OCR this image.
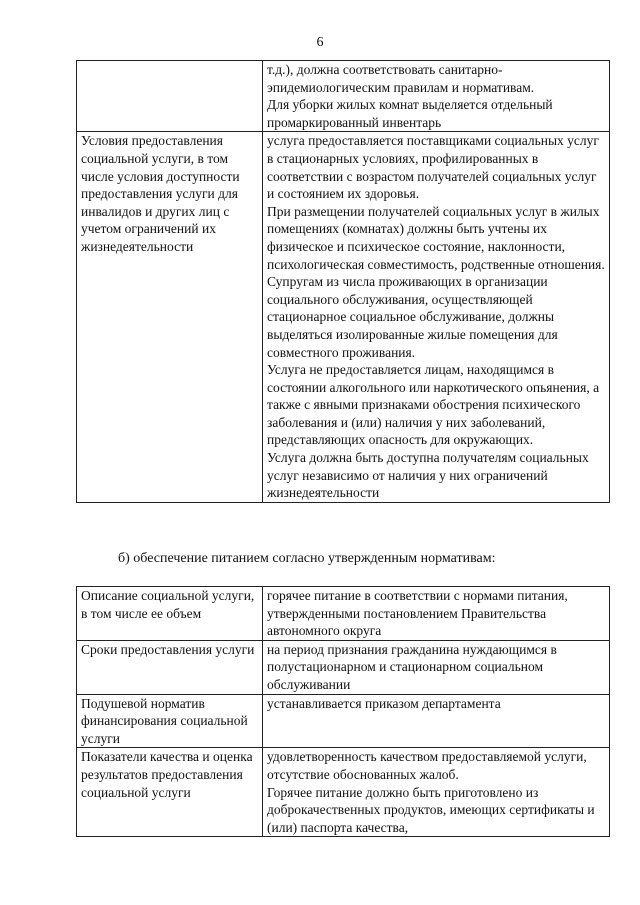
6

	т.д.), должна соответствовать санитарно-эпидемиологическим правилам и нормативам.

Для уборки жилых комнат выделяется отдельный промаркированный инвентарь

Условия предоставления социальной услуги, в том числе условия доступности предоставления услуги для инвалидов и других лиц с учетом ограничений их жизнедеятельности	услуга предоставляется поставщиками социальных услуг в стационарных условиях, профилированных в соответствии с возрастом получателей социальных услуг и состоянием их здоровья.

При размещении получателей социальных услуг в жилых помещениях (комнатах) должны быть учтены их физическое и психическое состояние, наклонности, психологическая совместимость, родственные отношения. Супругам из числа проживающих в организации социального обслуживания, осуществляющей стационарное социальное обслуживание, должны выделяться изолированные жилые помещения для совместного проживания.

Услуга не предоставляется лицам, находящимся в состоянии алкогольного или наркотического опьянения, а также с явными признаками обострения психического заболевания и (или) наличия у них заболеваний, представляющих опасность для окружающих.

Услуга должна быть доступна получателям социальных услуг независимо от наличия у них ограничений жизнедеятельности

б) обеспечение питанием согласно утвержденным нормативам:
Описание социальной услуги, в том числе ее объем	горячее питание в соответствии с нормами питания, утвержденными постановлением Правительства автономного округа

Сроки предоставления услуги	на период признания гражданина нуждающимся в полустационарном и стационарном социальном обслуживании

Подушевой норматив финансирования социальной услуги	устанавливается приказом департамента

Показатели качества и оценка результатов предоставления социальной услуги	удовлетворенность качеством предоставляемой услуги, отсутствие обоснованных жалоб.

Горячее питание должно быть приготовлено из доброкачественных продуктов, имеющих сертификаты и (или) паспорта качества,
